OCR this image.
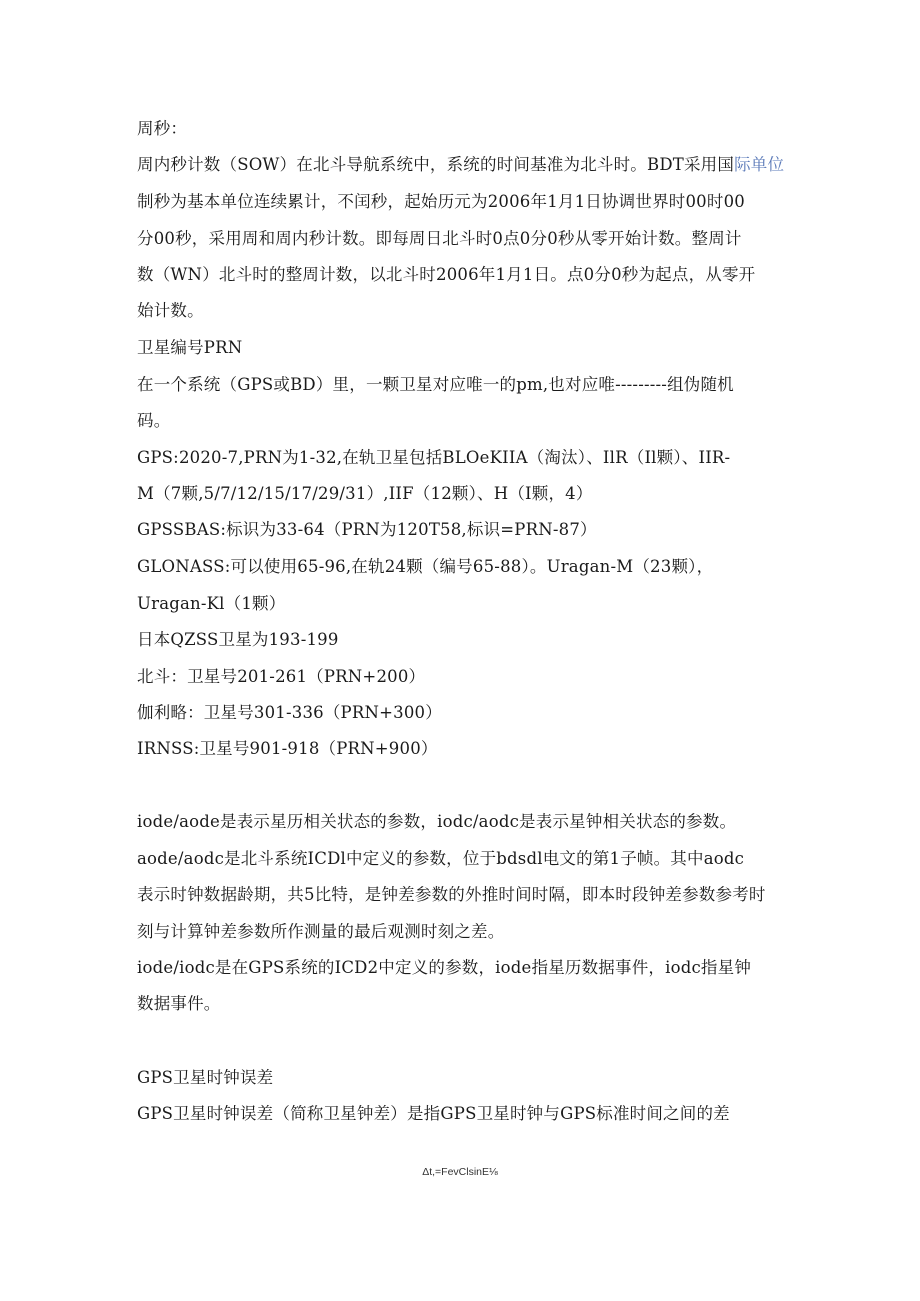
周秒：
周内秒计数（SOW）在北斗导航系统中，系统的时间基准为北斗时。BDT采用国际单位
制秒为基本单位连续累计，不闰秒，起始历元为2006年1月1日协调世界时00时00
分00秒，采用周和周内秒计数。即每周日北斗时0点0分0秒从零开始计数。整周计
数（WN）北斗时的整周计数，以北斗时2006年1月1日。点0分0秒为起点，从零开
始计数。
卫星编号PRN
在一个系统（GPS或BD）里，一颗卫星对应唯一的pm,也对应唯---------组伪随机
码。
GPS:2020-7,PRN为1-32,在轨卫星包括BLOeKIIA（淘汰）、IlR（Il颗）、IIR-
M（7颗,5/7/12/15/17/29/31）,IIF（12颗）、H（I颗，4）
GPSSBAS:标识为33-64（PRN为120T58,标识=PRN-87）
GLONASS:可以使用65-96,在轨24颗（编号65-88）。Uragan-M（23颗），
Uragan-Kl（1颗）
日本QZSS卫星为193-199
北斗：卫星号201-261（PRN+200）
伽利略：卫星号301-336（PRN+300）
IRNSS:卫星号901-918（PRN+900）
iode/aode是表示星历相关状态的参数，iodc/aodc是表示星钟相关状态的参数。
aode/aodc是北斗系统ICDl中定义的参数，位于bdsdl电文的第1子帧。其中aodc
表示时钟数据龄期，共5比特，是钟差参数的外推时间时隔，即本时段钟差参数参考时
刻与计算钟差参数所作测量的最后观测时刻之差。
iode/iodc是在GPS系统的ICD2中定义的参数，iode指星历数据事件，iodc指星钟
数据事件。
GPS卫星时钟误差
GPS卫星时钟误差（简称卫星钟差）是指GPS卫星时钟与GPS标准时间之间的差
Δt,=FevClsinE⅛
